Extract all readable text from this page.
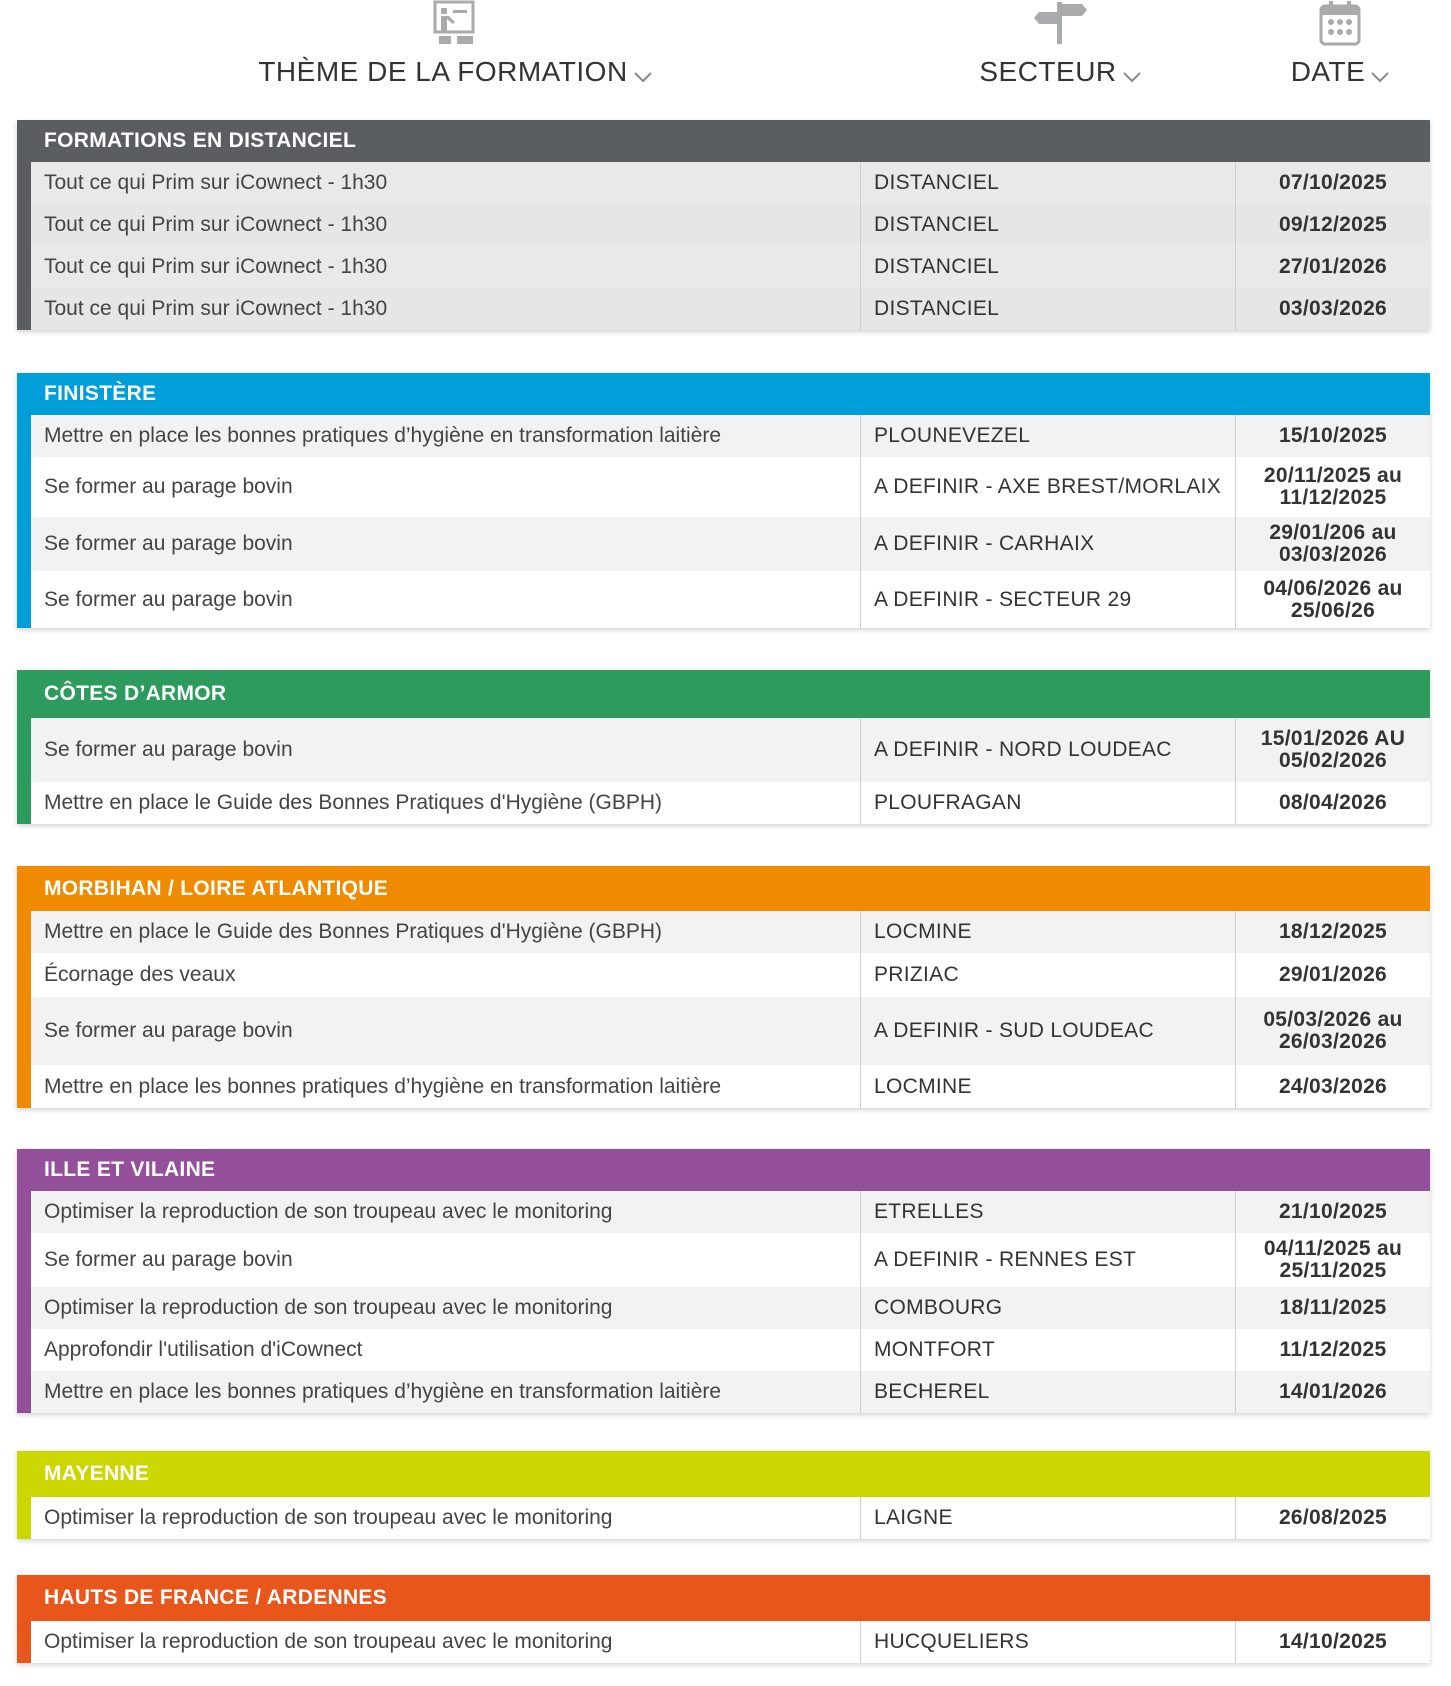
THÈME DE LA FORMATION	SECTEUR	DATE
FORMATIONS EN DISTANCIEL
Tout ce qui Prim sur iCownect - 1h30	DISTANCIEL	07/10/2025
Tout ce qui Prim sur iCownect - 1h30	DISTANCIEL	09/12/2025
Tout ce qui Prim sur iCownect - 1h30	DISTANCIEL	27/01/2026
Tout ce qui Prim sur iCownect - 1h30	DISTANCIEL	03/03/2026
FINISTÈRE
Mettre en place les bonnes pratiques d’hygiène en transformation laitière	PLOUNEVEZEL	15/10/2025
Se former au parage bovin	A DEFINIR - AXE BREST/MORLAIX	20/11/2025 au
11/12/2025
Se former au parage bovin	A DEFINIR - CARHAIX	29/01/206 au
03/03/2026
Se former au parage bovin	A DEFINIR - SECTEUR 29	04/06/2026 au
25/06/26
CÔTES D’ARMOR
Se former au parage bovin	A DEFINIR - NORD LOUDEAC	15/01/2026 AU
05/02/2026
Mettre en place le Guide des Bonnes Pratiques d'Hygiène (GBPH)	PLOUFRAGAN	08/04/2026
MORBIHAN / LOIRE ATLANTIQUE
Mettre en place le Guide des Bonnes Pratiques d'Hygiène (GBPH)	LOCMINE	18/12/2025
Écornage des veaux	PRIZIAC	29/01/2026
Se former au parage bovin	A DEFINIR - SUD LOUDEAC	05/03/2026 au
26/03/2026
Mettre en place les bonnes pratiques d’hygiène en transformation laitière	LOCMINE	24/03/2026
ILLE ET VILAINE
Optimiser la reproduction de son troupeau avec le monitoring	ETRELLES	21/10/2025
Se former au parage bovin	A DEFINIR - RENNES EST	04/11/2025 au
25/11/2025
Optimiser la reproduction de son troupeau avec le monitoring	COMBOURG	18/11/2025
Approfondir l'utilisation d'iCownect	MONTFORT	11/12/2025
Mettre en place les bonnes pratiques d’hygiène en transformation laitière	BECHEREL	14/01/2026
MAYENNE
Optimiser la reproduction de son troupeau avec le monitoring	LAIGNE	26/08/2025
HAUTS DE FRANCE / ARDENNES
Optimiser la reproduction de son troupeau avec le monitoring	HUCQUELIERS	14/10/2025
